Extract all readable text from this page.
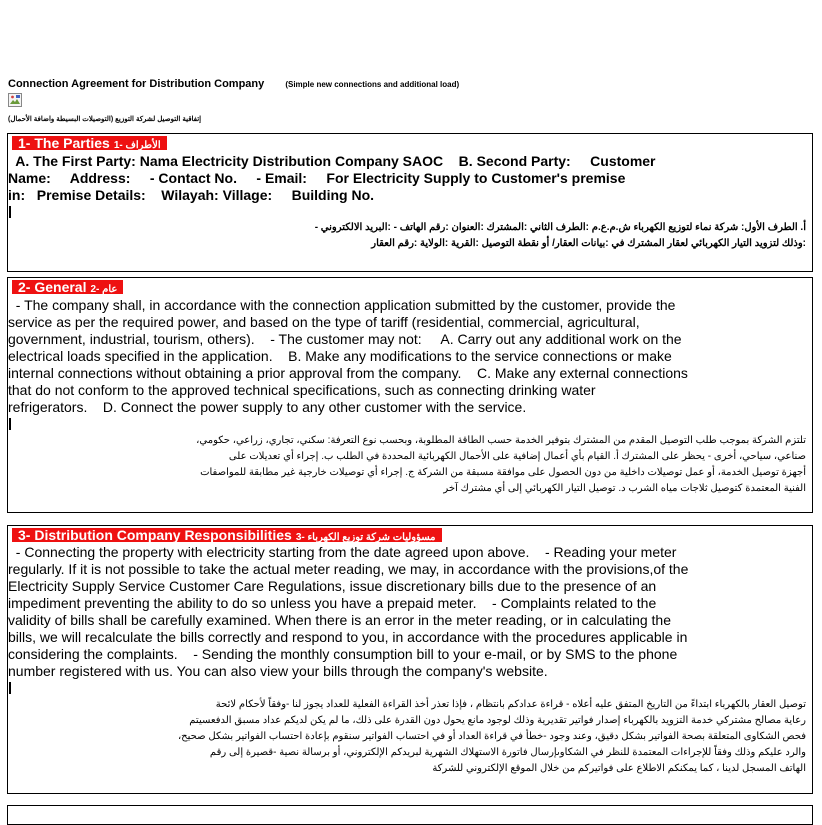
Connection Agreement for Distribution Company	(Simple new connections and additional load)
إتفاقية التوصيل لشركة التوزيع (التوصيلات البسيطة واضافة الأحمال)
1- The Parties الأطراف -1
A. The First Party: Nama Electricity Distribution Company SAOC    B. Second Party:     Customer
Name:     Address:     - Contact No.     - Email:     For Electricity Supply to Customer's premise
in:   Premise Details:    Wilayah: Village:     Building No.
أ. الطرف الأول: شركة نماء لتوزيع الكهرباء ش.م.ع.م :الطرف الثاني :المشترك :العنوان :رقم الهاتف - :البريد الالكتروني -
:وذلك لتزويد التيار الكهربائي لعقار المشترك في :بيانات العقار/ أو نقطة التوصيل :القرية :الولاية :رقم العقار
2- General عام -2
- The company shall, in accordance with the connection application submitted by the customer, provide the
service as per the required power, and based on the type of tariff (residential, commercial, agricultural,
government, industrial, tourism, others).    - The customer may not:     A. Carry out any additional work on the
electrical loads specified in the application.    B. Make any modifications to the service connections or make
internal connections without obtaining a prior approval from the company.    C. Make any external connections
that do not conform to the approved technical specifications, such as connecting drinking water
refrigerators.    D. Connect the power supply to any other customer with the service.
تلتزم الشركة بموجب طلب التوصيل المقدم من المشترك بتوفير الخدمة حسب الطاقة المطلوبة، وبحسب نوع التعرفة: سكني، تجاري، زراعي، حكومي،
صناعي، سياحي، أخرى - يحظر على المشترك أ. القيام بأي أعمال إضافية على الأحمال الكهربائية المحددة في الطلب ب. إجراء أي تعديلات على
أجهزة توصيل الخدمة، أو عمل توصيلات داخلية من دون الحصول على موافقة مسبقة من الشركة ج. إجراء أي توصيلات خارجية غير مطابقة للمواصفات
الفنية المعتمدة كتوصيل ثلاجات مياه الشرب د. توصيل التيار الكهربائي إلى أي مشترك آخر
3- Distribution Company Responsibilities مسؤوليات شركة توزيع الكهرباء -3
- Connecting the property with electricity starting from the date agreed upon above.    - Reading your meter
regularly. If it is not possible to take the actual meter reading, we may, in accordance with the provisions,of the
Electricity Supply Service Customer Care Regulations, issue discretionary bills due to the presence of an
impediment preventing the ability to do so unless you have a prepaid meter.    - Complaints related to the
validity of bills shall be carefully examined. When there is an error in the meter reading, or in calculating the
bills, we will recalculate the bills correctly and respond to you, in accordance with the procedures applicable in
considering the complaints.    - Sending the monthly consumption bill to your e-mail, or by SMS to the phone
number registered with us. You can also view your bills through the company's website.
توصيل العقار بالكهرباء ابتداءً من التاريخ المتفق عليه أعلاه - قراءة عدادكم بانتظام ، فإذا تعذر أخذ القراءة الفعلية للعداد يجوز لنا -وفقاً لأحكام لائحة
رعاية مصالح مشتركي خدمة التزويد بالكهرباء إصدار فواتير تقديرية وذلك لوجود مانع يحول دون القدرة على ذلك، ما لم يكن لديكم عداد مسبق الدفعسيتم
فحص الشكاوى المتعلقة بصحة الفواتير بشكل دقيق، وعند وجود -خطأ في قراءة العداد أو في احتساب الفواتير سنقوم بإعادة احتساب الفواتير بشكل صحيح،
والرد عليكم وذلك وفقاً للإجراءات المعتمدة للنظر في الشكاوىإرسال فاتورة الاستهلاك الشهرية لبريدكم الإلكتروني، أو برسالة نصية -قصيرة إلى رقم
الهاتف المسجل لدينا ، كما يمكنكم الاطلاع على فواتيركم من خلال الموقع الإلكتروني للشركة
